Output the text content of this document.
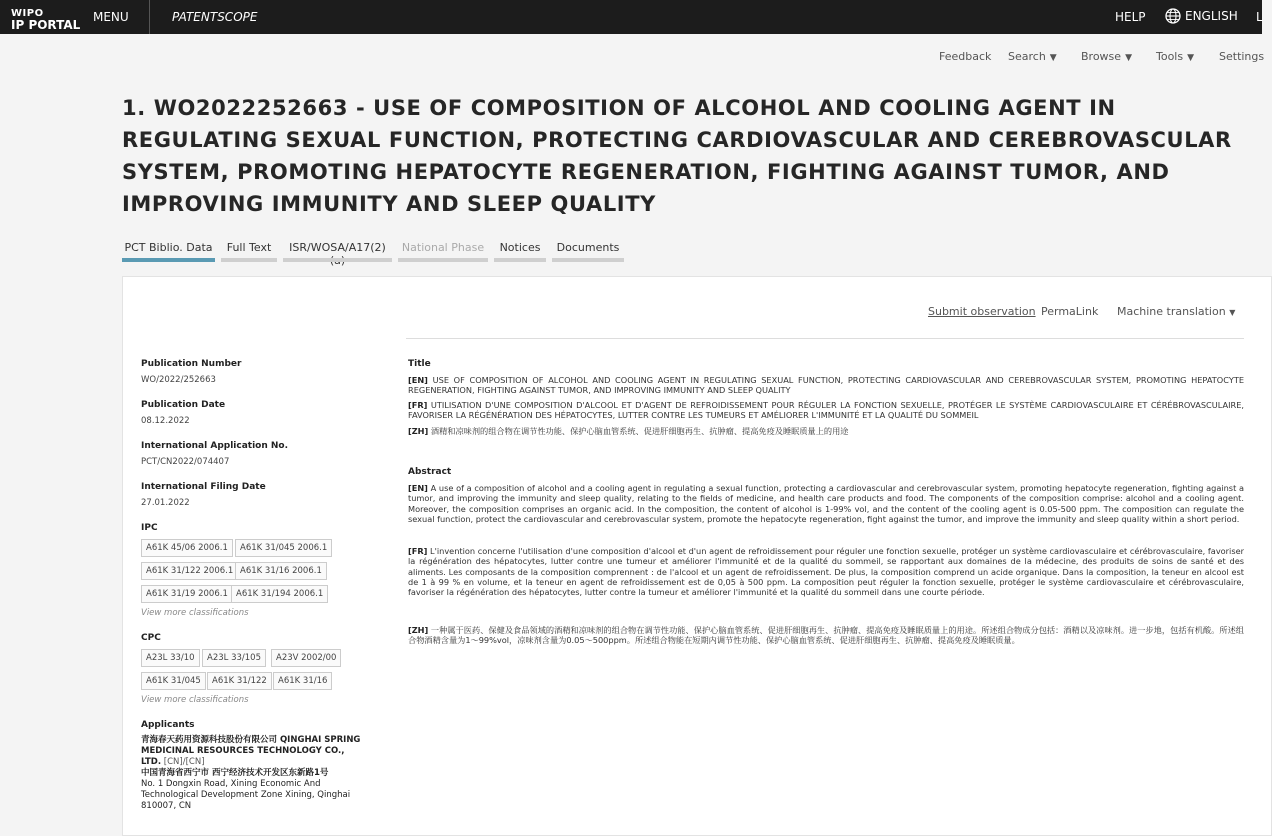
WIPO
IP PORTAL
MENU	PATENTSCOPE	HELP	ENGLISH L
Feedback Search ▼ Browse ▼ Tools ▼ Settings
1. WO2022252663 - USE OF COMPOSITION OF ALCOHOL AND COOLING AGENT IN REGULATING SEXUAL FUNCTION, PROTECTING CARDIOVASCULAR AND CEREBROVASCULAR SYSTEM, PROMOTING HEPATOCYTE REGENERATION, FIGHTING AGAINST TUMOR, AND IMPROVING IMMUNITY AND SLEEP QUALITY
PCT Biblio. Data	Full Text	ISR/WOSA/A17(2)	National Phase	Notices	Documents
Submit observation PermaLink Machine translation ▼
Publication Number
WO/2022/252663
Publication Date
08.12.2022
International Application No.
PCT/CN2022/074407
International Filing Date
27.01.2022
IPC
A61K 45/06 2006.1	A61K 31/045 2006.1
A61K 31/122 2006.1 A61K 31/16 2006.1
A61K 31/19 2006.1 A61K 31/194 2006.1
View more classifications
CPC
A23L 33/10	A23L 33/105	A23V 2002/00
A61K 31/045	A61K 31/122	A61K 31/16
View more classifications
Applicants
青海春天药用资源科技股份有限公司 QINGHAI SPRING MEDICINAL RESOURCES TECHNOLOGY CO., LTD. [CN]/[CN]
中国青海省西宁市 西宁经济技术开发区东新路1号
No. 1 Dongxin Road, Xining Economic And Technological Development Zone Xining, Qinghai 810007, CN
Title
[EN] USE OF COMPOSITION OF ALCOHOL AND COOLING AGENT IN REGULATING SEXUAL FUNCTION, PROTECTING CARDIOVASCULAR AND CEREBROVASCULAR SYSTEM, PROMOTING HEPATOCYTE REGENERATION, FIGHTING AGAINST TUMOR, AND IMPROVING IMMUNITY AND SLEEP QUALITY
[FR] UTILISATION D'UNE COMPOSITION D'ALCOOL ET D'AGENT DE REFROIDISSEMENT POUR RÉGULER LA FONCTION SEXUELLE, PROTÉGER LE SYSTÈME CARDIOVASCULAIRE ET CÉRÉBROVASCULAIRE, FAVORISER LA RÉGÉNÉRATION DES HÉPATOCYTES, LUTTER CONTRE LES TUMEURS ET AMÉLIORER L'IMMUNITÉ ET LA QUALITÉ DU SOMMEIL
[ZH] 酒精和凉味剂的组合物在调节性功能、保护心脑血管系统、促进肝细胞再生、抗肿瘤、提高免疫及睡眠质量上的用途
Abstract
[EN] A use of a composition of alcohol and a cooling agent in regulating a sexual function, protecting a cardiovascular and cerebrovascular system, promoting hepatocyte regeneration, fighting against a tumor, and improving the immunity and sleep quality, relating to the fields of medicine, and health care products and food. The components of the composition comprise: alcohol and a cooling agent. Moreover, the composition comprises an organic acid. In the composition, the content of alcohol is 1-99% vol, and the content of the cooling agent is 0.05-500 ppm. The composition can regulate the sexual function, protect the cardiovascular and cerebrovascular system, promote the hepatocyte regeneration, fight against the tumor, and improve the immunity and sleep quality within a short period.
[FR] L'invention concerne l'utilisation d'une composition d'alcool et d'un agent de refroidissement pour réguler une fonction sexuelle, protéger un système cardiovasculaire et cérébrovasculaire, favoriser la régénération des hépatocytes, lutter contre une tumeur et améliorer l'immunité et de la qualité du sommeil, se rapportant aux domaines de la médecine, des produits de soins de santé et des aliments. Les composants de la composition comprennent : de l'alcool et un agent de refroidissement. De plus, la composition comprend un acide organique. Dans la composition, la teneur en alcool est de 1 à 99 % en volume, et la teneur en agent de refroidissement est de 0,05 à 500 ppm. La composition peut réguler la fonction sexuelle, protéger le système cardiovasculaire et cérébrovasculaire, favoriser la régénération des hépatocytes, lutter contre la tumeur et améliorer l'immunité et la qualité du sommeil dans une courte période.
[ZH] 一种属于医药、保健及食品领域的酒精和凉味剂的组合物在调节性功能、保护心脑血管系统、促进肝细胞再生、抗肿瘤、提高免疫及睡眠质量上的用途。所述组合物成分包括：酒精以及凉味剂。进一步地，包括有机酸。所述组合物酒精含量为1～99%vol，凉味剂含量为0.05～500ppm。所述组合物能在短期内调节性功能、保护心脑血管系统、促进肝细胞再生、抗肿瘤、提高免疫及睡眠质量。
